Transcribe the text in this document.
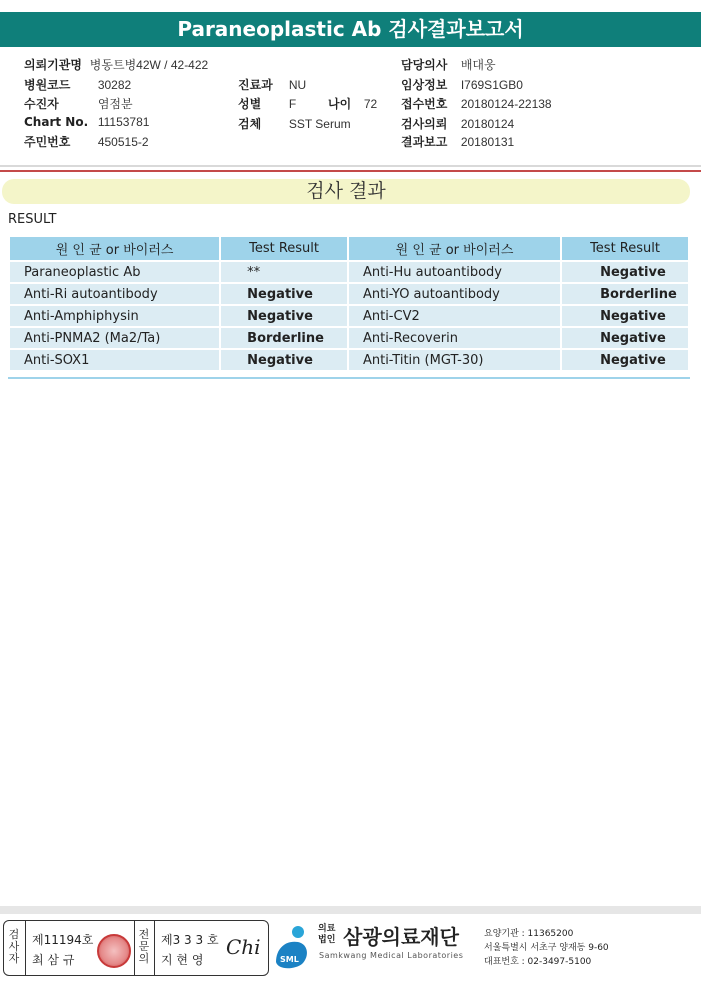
Paraneoplastic Ab 검사결과보고서
의뢰기관명 병동트병42W / 42-422
병원코드 30282
수진자	염점분
Chart No. 11153781
주민번호 450515-2
진료과 NU
성별 F	나이 72
검체 SST Serum
담당의사 배대웅
임상정보 I769S1GB0
접수번호 20180124-22138
검사의뢰 20180124
결과보고 20180131
검사 결과
RESULT
원 인 균 or 바이러스	Test Result	원 인 균 or 바이러스	Test Result
Paraneoplastic Ab	**	Anti-Hu autoantibody	Negative
Anti-Ri autoantibody	Negative	Anti-YO autoantibody	Borderline
Anti-Amphiphysin	Negative	Anti-CV2	Negative
Anti-PNMA2 (Ma2/Ta)	Borderline	Anti-Recoverin	Negative
Anti-SOX1	Negative	Anti-Titin (MGT-30)	Negative
검
사
자
제11194호
최 삼 규
전
문
의
제3 3 3 호
지 현 영
Chi
SML
의료
법인 삼광의료재단
Samkwang Medical Laboratories
요양기관 : 11365200
서울특별시 서초구 양재동 9-60
대표번호 : 02-3497-5100
